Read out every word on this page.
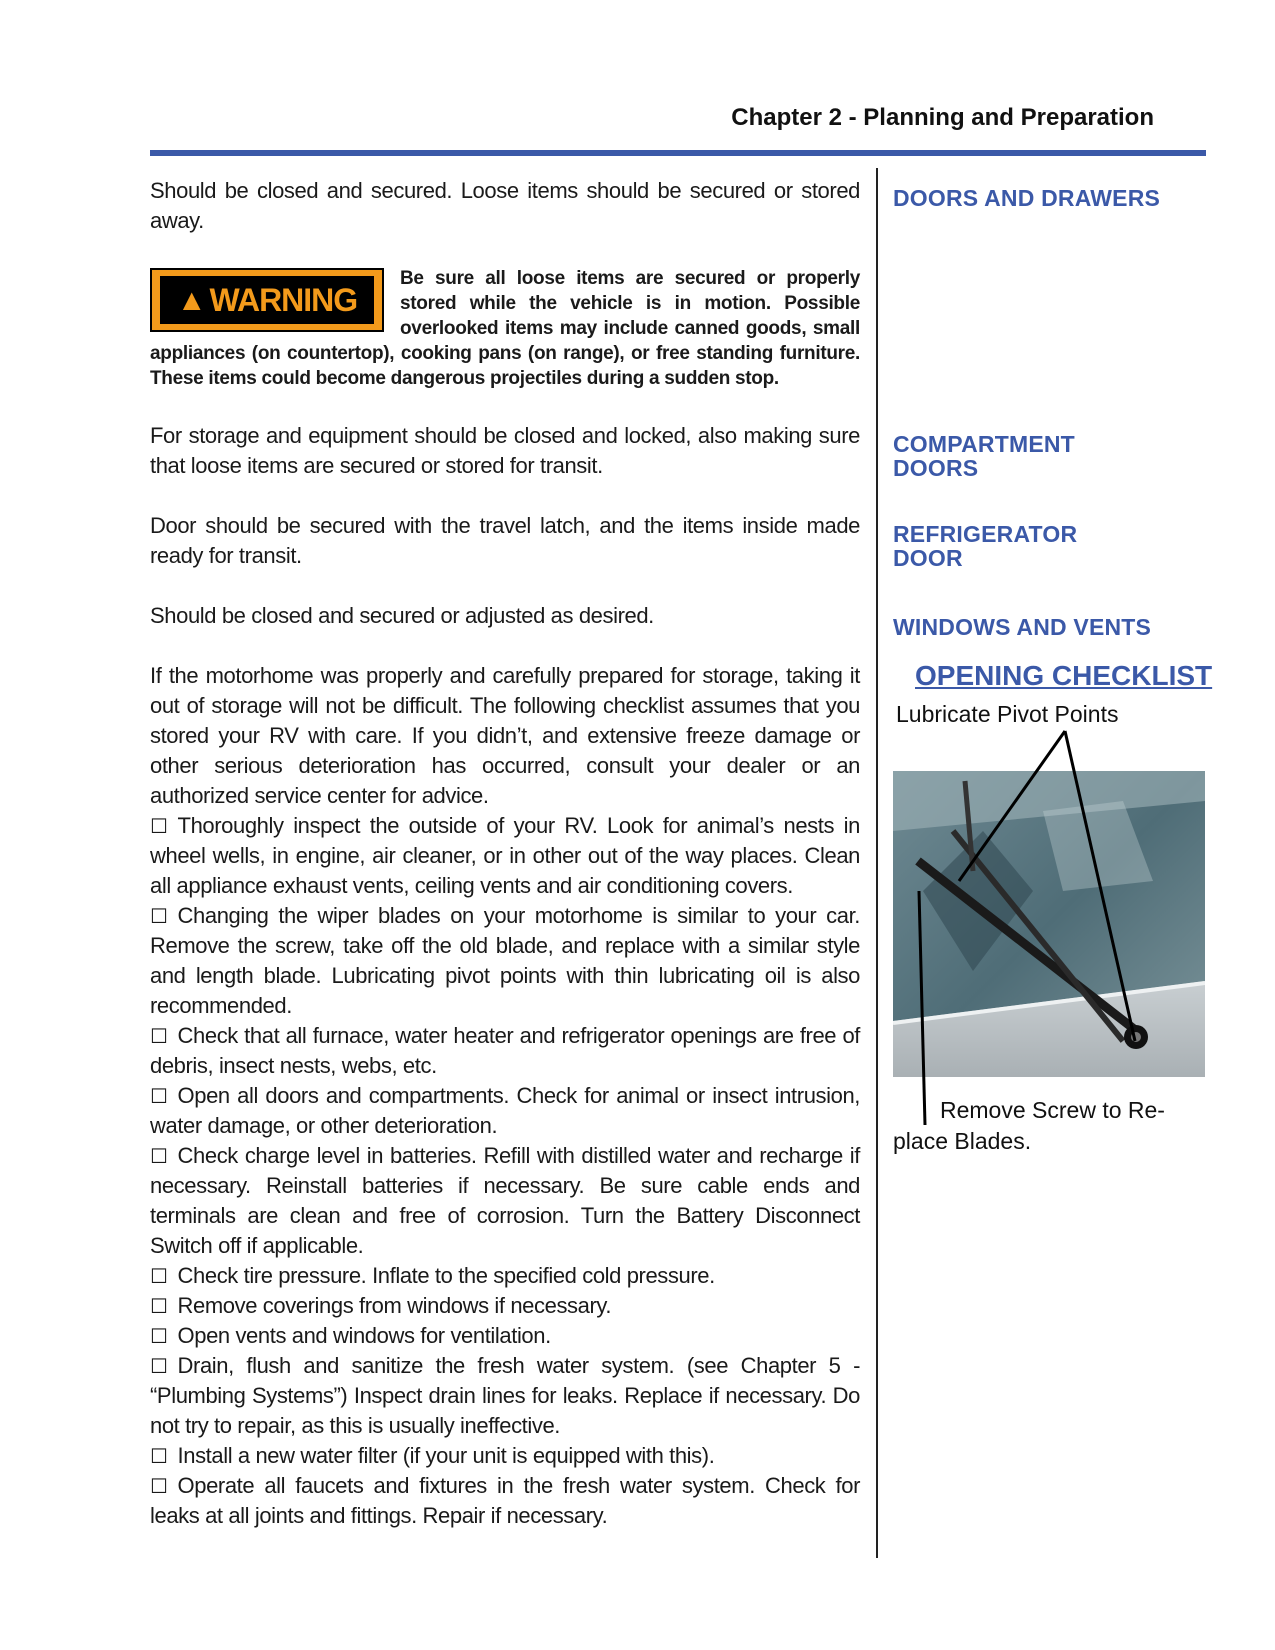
Chapter 2 - Planning and Preparation

Should be closed and secured. Loose items should be secured or stored away.

▲ WARNING
Be sure all loose items are secured or properly stored while the vehicle is in motion. Possible overlooked items may include canned goods, small appliances (on countertop), cooking pans (on range), or free standing furniture. These items could become dangerous projectiles during a sudden stop.

For storage and equipment should be closed and locked, also making sure that loose items are secured or stored for transit.

Door should be secured with the travel latch, and the items inside made ready for transit.

Should be closed and secured or adjusted as desired.

If the motorhome was properly and carefully prepared for storage, taking it out of storage will not be difficult. The following checklist assumes that you stored your RV with care. If you didn’t, and extensive freeze damage or other serious deterioration has occurred, consult your dealer or an authorized service center for advice.

☐ Thoroughly inspect the outside of your RV. Look for animal’s nests in wheel wells, in engine, air cleaner, or in other out of the way places. Clean all appliance exhaust vents, ceiling vents and air conditioning covers.

☐ Changing the wiper blades on your motorhome is similar to your car. Remove the screw, take off the old blade, and replace with a similar style and length blade. Lubricating pivot points with thin lubricating oil is also recommended.

☐ Check that all furnace, water heater and refrigerator openings are free of debris, insect nests, webs, etc.

☐ Open all doors and compartments. Check for animal or insect intrusion, water damage, or other deterioration.

☐ Check charge level in batteries. Refill with distilled water and recharge if necessary. Reinstall batteries if necessary. Be sure cable ends and terminals are clean and free of corrosion. Turn the Battery Disconnect Switch off if applicable.

☐ Check tire pressure. Inflate to the specified cold pressure.

☐ Remove coverings from windows if necessary.

☐ Open vents and windows for ventilation.

☐ Drain, flush and sanitize the fresh water system. (see Chapter 5 - “Plumbing Systems”) Inspect drain lines for leaks. Replace if necessary. Do not try to repair, as this is usually ineffective.

☐ Install a new water filter (if your unit is equipped with this).

☐ Operate all faucets and fixtures in the fresh water system. Check for leaks at all joints and fittings. Repair if necessary.

DOORS AND DRAWERS
COMPARTMENT
DOORS
REFRIGERATOR
DOOR
WINDOWS AND VENTS
OPENING CHECKLIST
Lubricate Pivot Points
Remove Screw to Re-
place Blades.
